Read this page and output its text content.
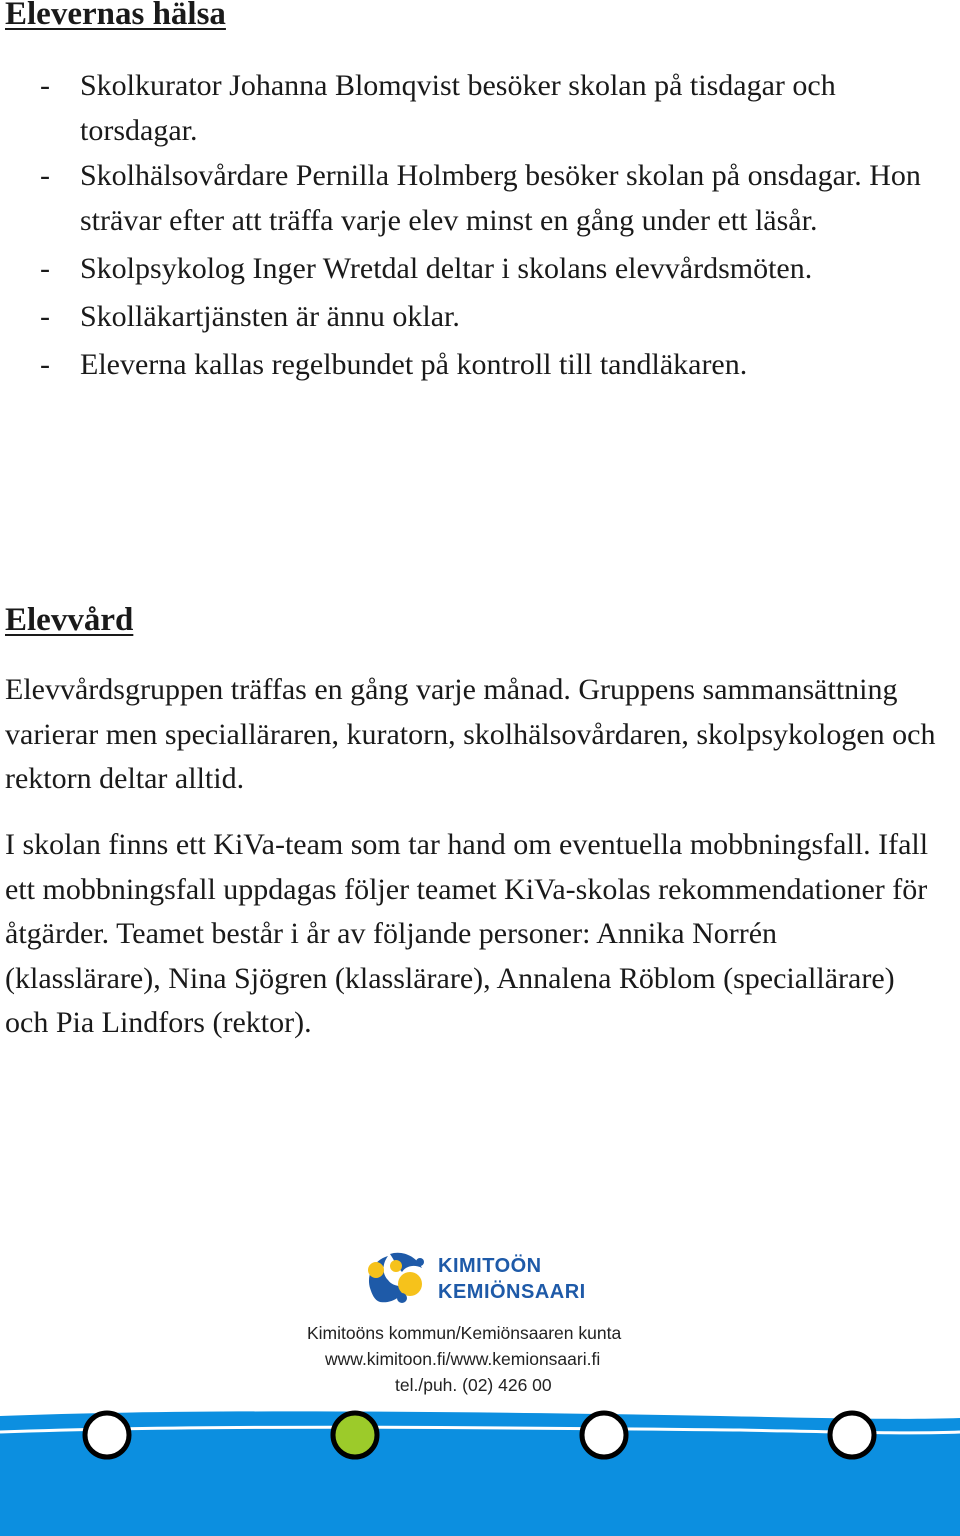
Elevernas hälsa
- Skolkurator Johanna Blomqvist besöker skolan på tisdagar och torsdagar.
- Skolhälsovårdare Pernilla Holmberg besöker skolan på onsdagar. Hon strävar efter att träffa varje elev minst en gång under ett läsår.
- Skolpsykolog Inger Wretdal deltar i skolans elevvårdsmöten.
- Skolläkartjänsten är ännu oklar.
- Eleverna kallas regelbundet på kontroll till tandläkaren.
Elevvård

Elevvårdsgruppen träffas en gång varje månad. Gruppens sammansättning varierar men specialläraren, kuratorn, skolhälsovårdaren, skolpsykologen och rektorn deltar alltid.

I skolan finns ett KiVa-team som tar hand om eventuella mobbningsfall. Ifall ett mobbningsfall uppdagas följer teamet KiVa-skolas rekommendationer för åtgärder. Teamet består i år av följande personer: Annika Norrén (klasslärare), Nina Sjögren (klasslärare), Annalena Röblom (speciallärare) och Pia Lindfors (rektor).

KIMITOÖN
KEMIÖNSAARI
Kimitoöns kommun/Kemiönsaaren kunta
www.kimitoon.fi/www.kemionsaari.fi
tel./puh. (02) 426 00
